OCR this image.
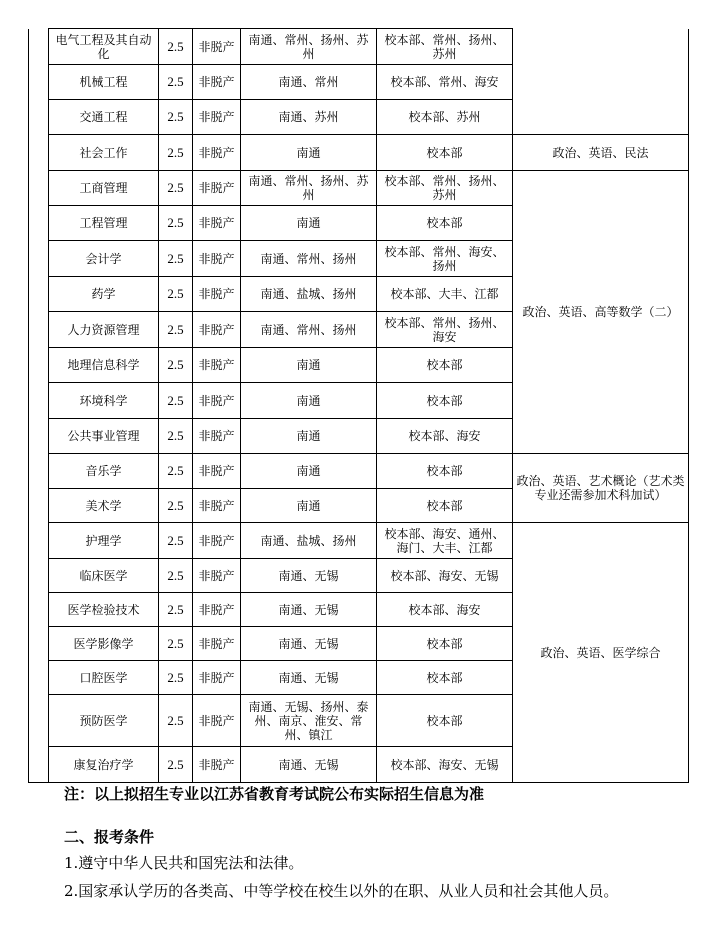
	电气工程及其自动化	2.5	非脱产	南通、常州、扬州、苏州	校本部、常州、扬州、苏州	
	机械工程	2.5	非脱产	南通、常州	校本部、常州、海安	
	交通工程	2.5	非脱产	南通、苏州	校本部、苏州	
	社会工作	2.5	非脱产	南通	校本部	政治、英语、民法
	工商管理	2.5	非脱产	南通、常州、扬州、苏州	校本部、常州、扬州、苏州	政治、英语、高等数学（二）
	工程管理	2.5	非脱产	南通	校本部	
	会计学	2.5	非脱产	南通、常州、扬州	校本部、常州、海安、扬州	
	药学	2.5	非脱产	南通、盐城、扬州	校本部、大丰、江都	
	人力资源管理	2.5	非脱产	南通、常州、扬州	校本部、常州、扬州、海安	
	地理信息科学	2.5	非脱产	南通	校本部	
	环境科学	2.5	非脱产	南通	校本部	
	公共事业管理	2.5	非脱产	南通	校本部、海安	
	音乐学	2.5	非脱产	南通	校本部	政治、英语、艺术概论（艺术类专业还需参加术科加试）
	美术学	2.5	非脱产	南通	校本部	
	护理学	2.5	非脱产	南通、盐城、扬州	校本部、海安、通州、海门、大丰、江都	政治、英语、医学综合
	临床医学	2.5	非脱产	南通、无锡	校本部、海安、无锡	
	医学检验技术	2.5	非脱产	南通、无锡	校本部、海安	
	医学影像学	2.5	非脱产	南通、无锡	校本部	
	口腔医学	2.5	非脱产	南通、无锡	校本部	
	预防医学	2.5	非脱产	南通、无锡、扬州、泰州、南京、淮安、常州、镇江	校本部	
	康复治疗学	2.5	非脱产	南通、无锡	校本部、海安、无锡	
注：以上拟招生专业以江苏省教育考试院公布实际招生信息为准
二、报考条件
1.遵守中华人民共和国宪法和法律。
2.国家承认学历的各类高、中等学校在校生以外的在职、从业人员和社会其他人员。
